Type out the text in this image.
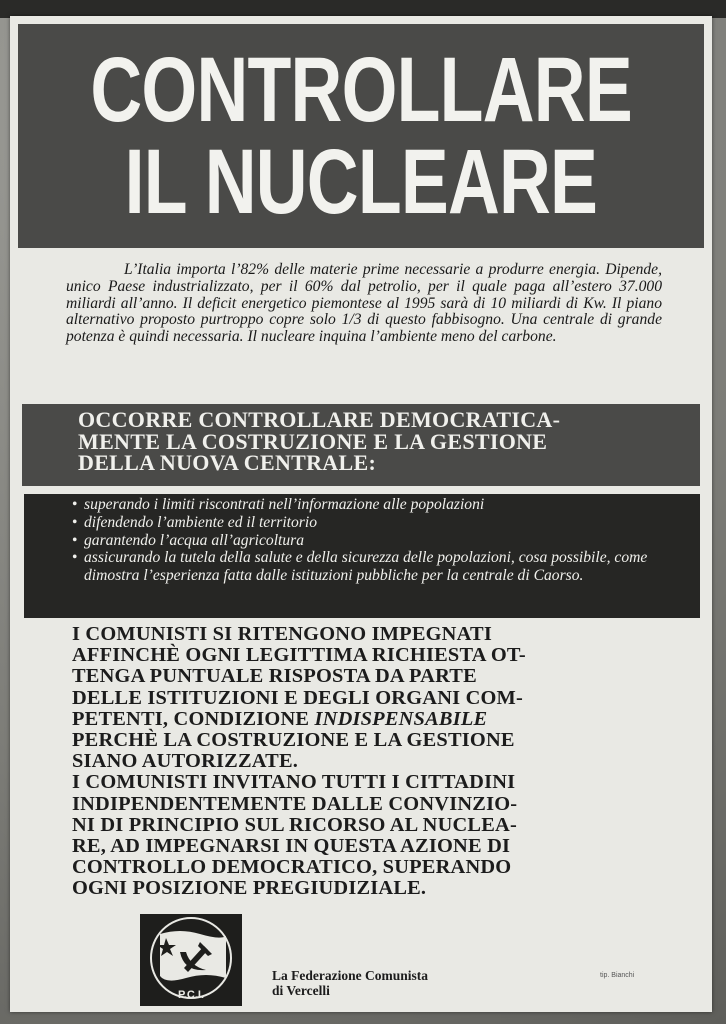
CONTROLLARE
IL NUCLEARE

L’Italia importa l’82% delle materie prime necessarie a produrre energia. Dipende, unico Paese industrializzato, per il 60% dal petrolio, per il quale paga all’estero 37.000 miliardi all’anno. Il deficit energetico piemontese al 1995 sarà di 10 miliardi di Kw. Il piano alternativo proposto purtroppo copre solo 1/3 di questo fabbisogno. Una centrale di grande potenza è quindi necessaria. Il nucleare inquina l’ambiente meno del carbone.

OCCORRE CONTROLLARE DEMOCRATICA-

MENTE LA COSTRUZIONE E LA GESTIONE

DELLA NUOVA CENTRALE:

• superando i limiti riscontrati nell’informazione alle popolazioni
• difendendo l’ambiente ed il territorio
• garantendo l’acqua all’agricoltura
• assicurando la tutela della salute e della sicurezza delle popolazioni, cosa possibile, come dimostra l’esperienza fatta dalle istituzioni pubbliche per la centrale di Caorso.

I COMUNISTI SI RITENGONO IMPEGNATI

AFFINCHÈ OGNI LEGITTIMA RICHIESTA OT-

TENGA PUNTUALE RISPOSTA DA PARTE

DELLE ISTITUZIONI E DEGLI ORGANI COM-

PETENTI, CONDIZIONE INDISPENSABILE

PERCHÈ LA COSTRUZIONE E LA GESTIONE

SIANO AUTORIZZATE.

I COMUNISTI INVITANO TUTTI I CITTADINI

INDIPENDENTEMENTE DALLE CONVINZIO-

NI DI PRINCIPIO SUL RICORSO AL NUCLEA-

RE, AD IMPEGNARSI IN QUESTA AZIONE DI

CONTROLLO DEMOCRATICO, SUPERANDO

OGNI POSIZIONE PREGIUDIZIALE.

P.C.I.
La Federazione Comunista
di Vercelli
tip. Bianchi
